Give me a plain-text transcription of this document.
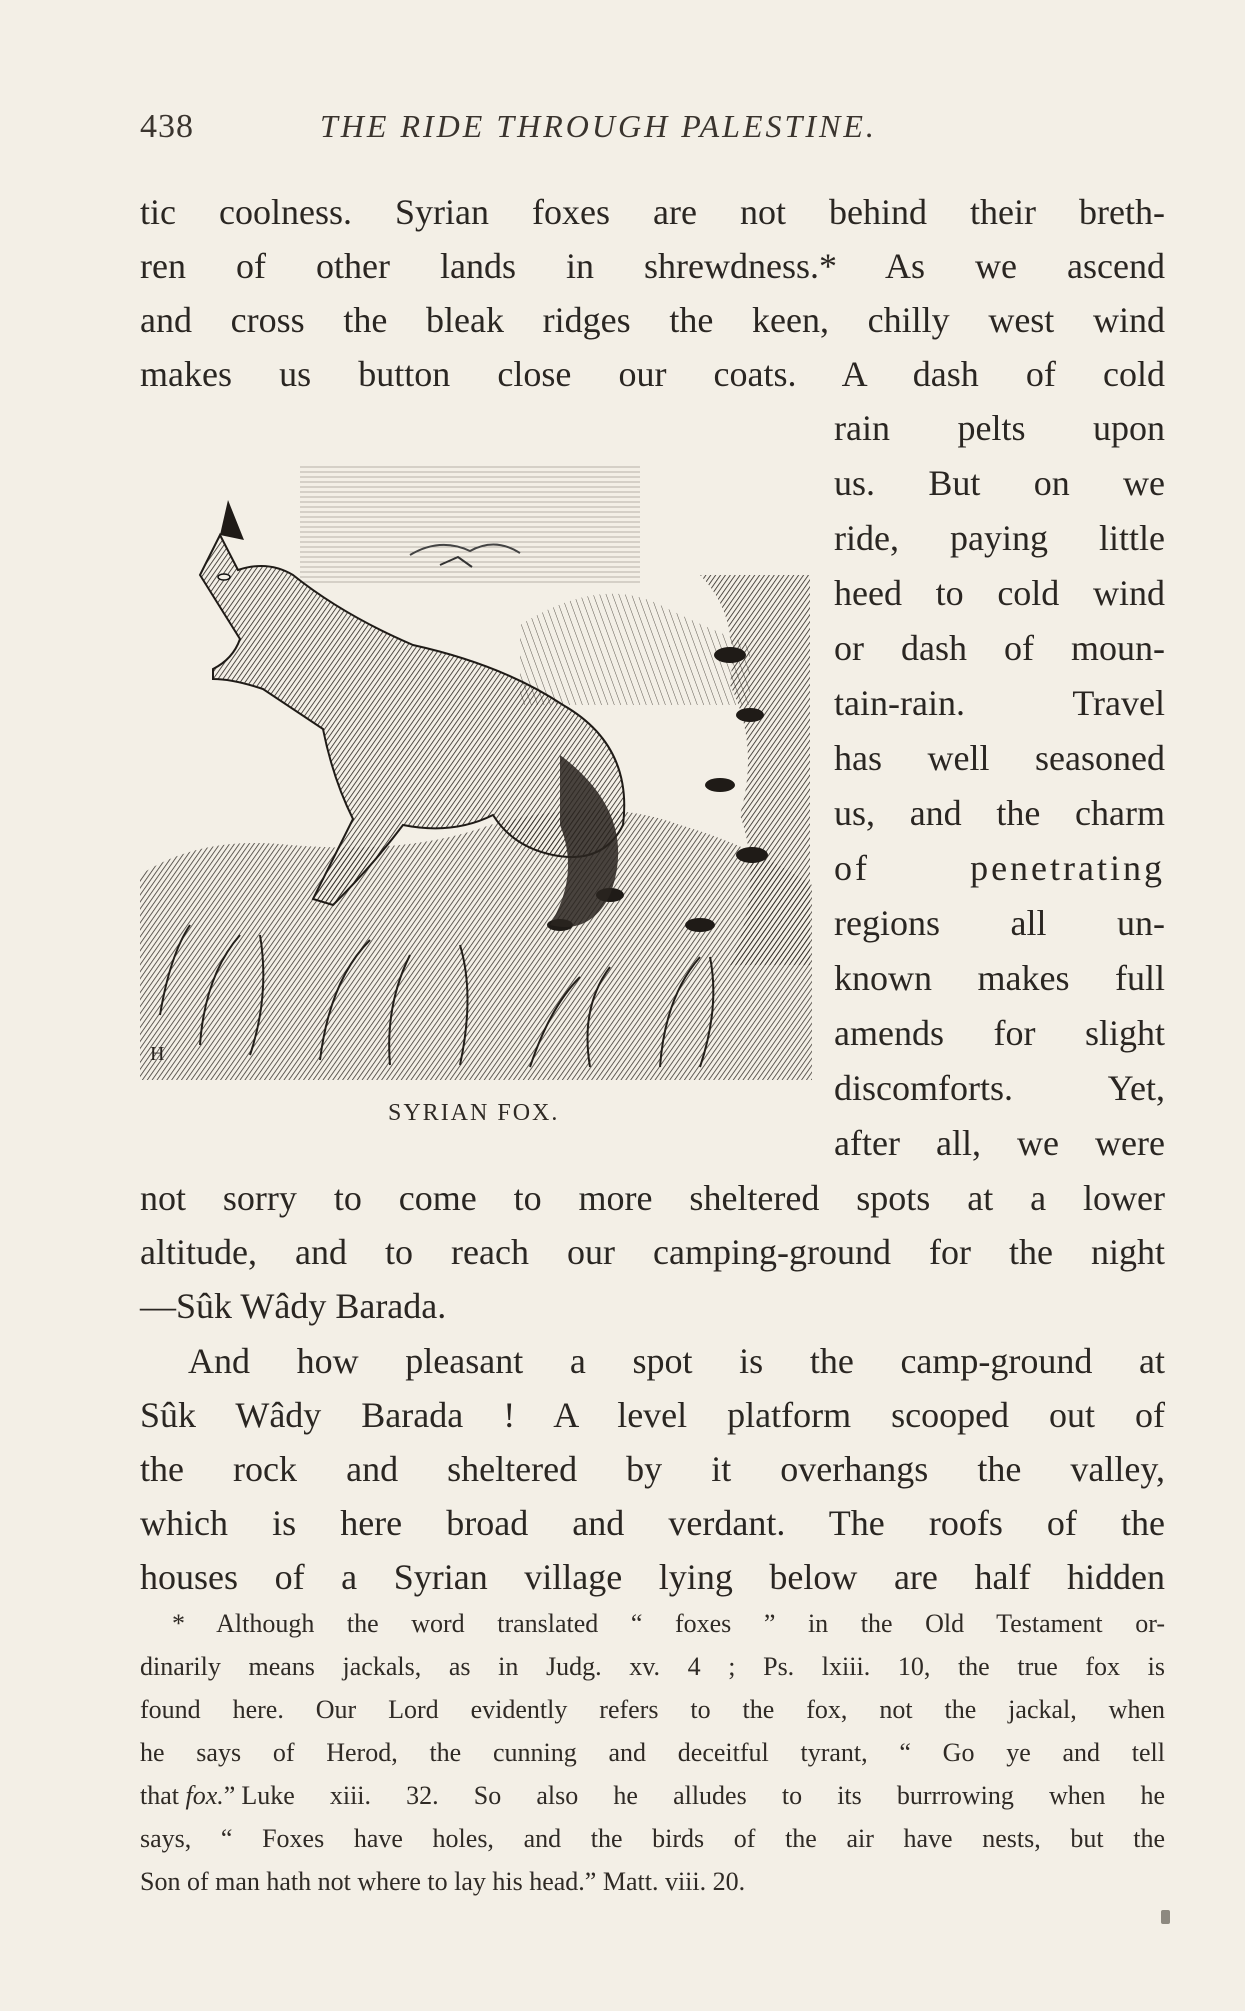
438	THE RIDE THROUGH PALESTINE.
tic coolness. Syrian foxes are not behind their breth-
ren of other lands in shrewdness.* As we ascend
and cross the bleak ridges the keen, chilly west wind
makes us button close our coats. A dash of cold
rain pelts upon
us. But on we
ride, paying little
heed to cold wind
or dash of moun-
tain-rain. Travel
has well seasoned
us, and the charm
of penetrating
regions all un-
known makes full
amends for slight
discomforts. Yet,
after all, we were
not sorry to come to more sheltered spots at a lower
altitude, and to reach our camping-ground for the night
—Sûk Wâdy Barada.
And how pleasant a spot is the camp-ground at
Sûk Wâdy Barada ! A level platform scooped out of
the rock and sheltered by it overhangs the valley,
which is here broad and verdant. The roofs of the
houses of a Syrian village lying below are half hidden
H
SYRIAN FOX.
* Although the word translated “ foxes ” in the Old Testament or-
dinarily means jackals, as in Judg. xv. 4 ; Ps. lxiii. 10, the true fox is
found here. Our Lord evidently refers to the fox, not the jackal, when
he says of Herod, the cunning and deceitful tyrant, “ Go ye and tell
that fox.” Luke xiii. 32. So also he alludes to its burrrowing when he
says, “ Foxes have holes, and the birds of the air have nests, but the
Son of man hath not where to lay his head.” Matt. viii. 20.
